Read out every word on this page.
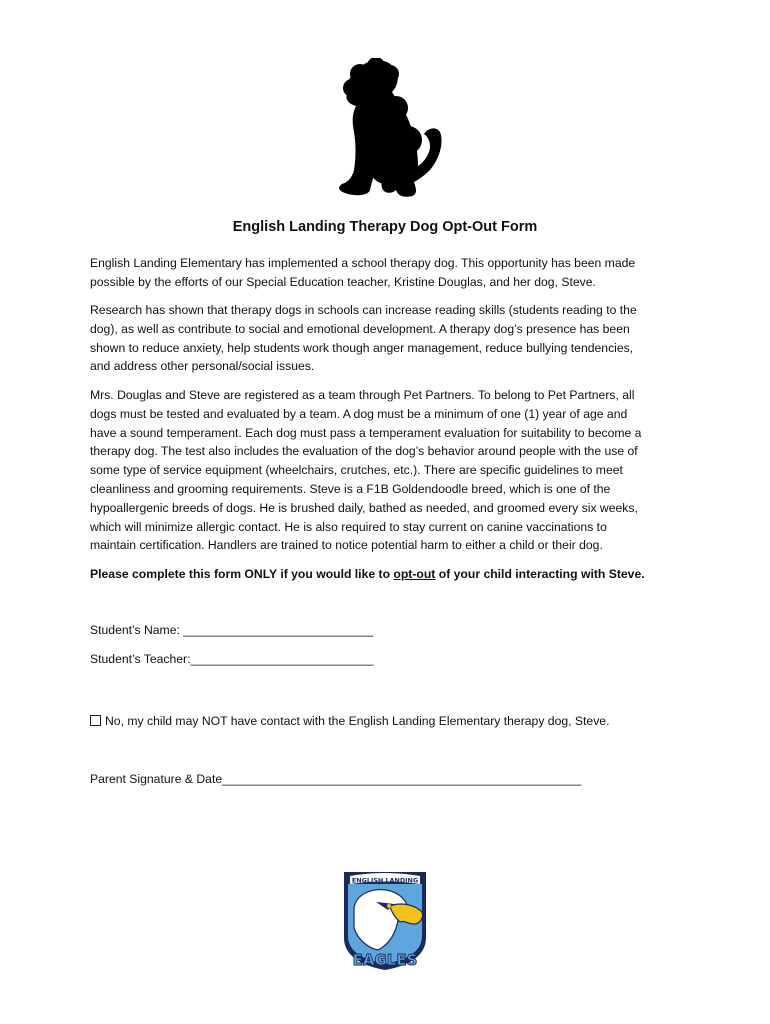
English Landing Therapy Dog Opt-Out Form

English Landing Elementary has implemented a school therapy dog. This opportunity has been made

possible by the efforts of our Special Education teacher, Kristine Douglas, and her dog, Steve.

Research has shown that therapy dogs in schools can increase reading skills (students reading to the

dog), as well as contribute to social and emotional development. A therapy dog’s presence has been

shown to reduce anxiety, help students work though anger management, reduce bullying tendencies,

and address other personal/social issues.

Mrs. Douglas and Steve are registered as a team through Pet Partners. To belong to Pet Partners, all

dogs must be tested and evaluated by a team. A dog must be a minimum of one (1) year of age and

have a sound temperament. Each dog must pass a temperament evaluation for suitability to become a

therapy dog. The test also includes the evaluation of the dog’s behavior around people with the use of

some type of service equipment (wheelchairs, crutches, etc.). There are specific guidelines to meet

cleanliness and grooming requirements. Steve is a F1B Goldendoodle breed, which is one of the

hypoallergenic breeds of dogs. He is brushed daily, bathed as needed, and groomed every six weeks,

which will minimize allergic contact. He is also required to stay current on canine vaccinations to

maintain certification. Handlers are trained to notice potential harm to either a child or their dog.

Please complete this form ONLY if you would like to opt-out of your child interacting with Steve.
Student’s Name: ____________________________
Student’s Teacher:___________________________
No, my child may NOT have contact with the English Landing Elementary therapy dog, Steve.
Parent Signature & Date_____________________________________________________
ENGLISH LANDING
EAGLES
